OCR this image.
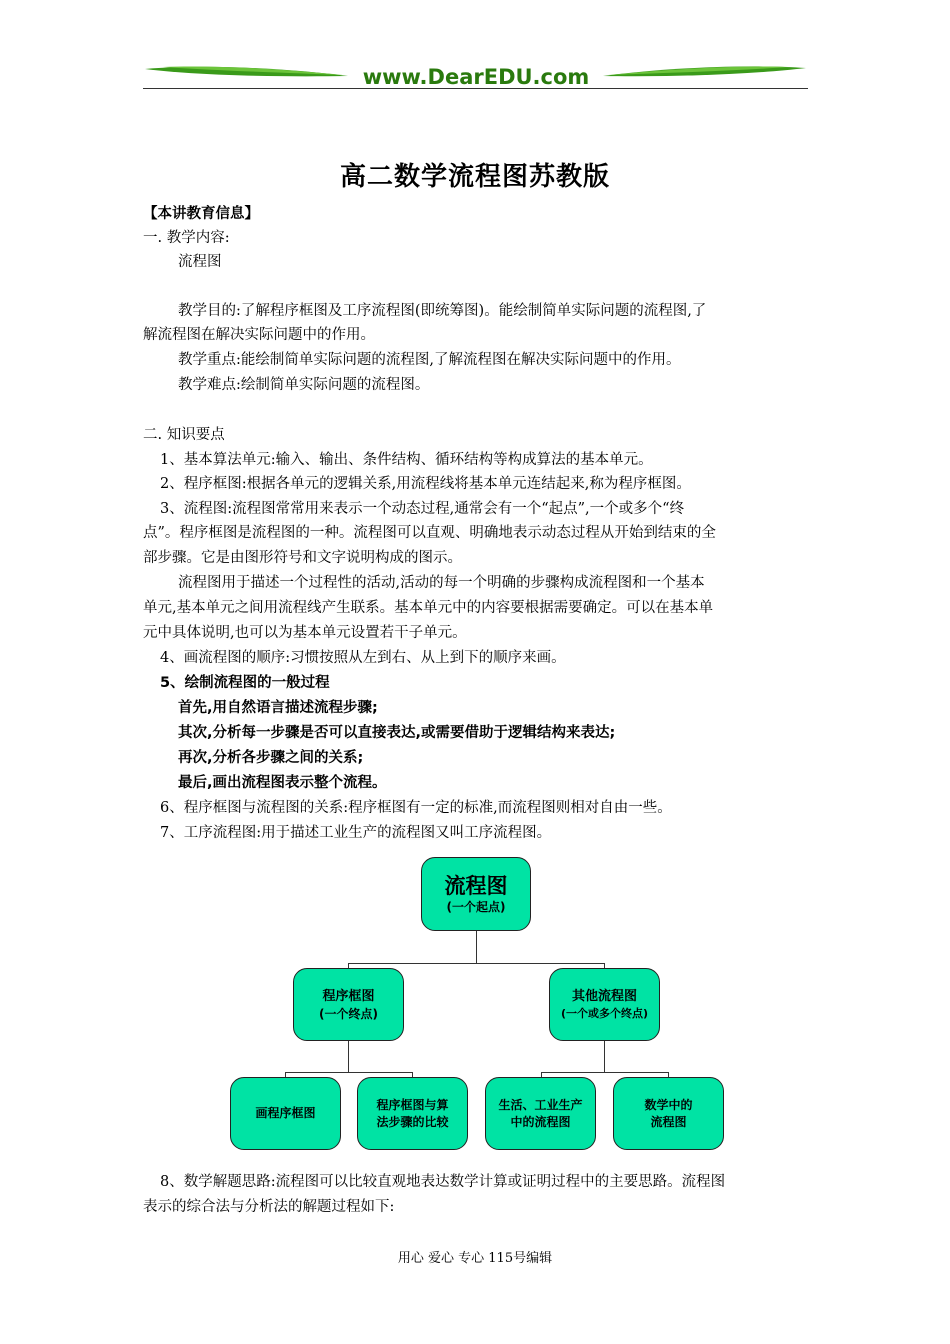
www.DearEDU.com
高二数学流程图苏教版
【本讲教育信息】
一. 教学内容:
流程图
教学目的:了解程序框图及工序流程图(即统筹图)。能绘制简单实际问题的流程图,了
解流程图在解决实际问题中的作用。
教学重点:能绘制简单实际问题的流程图,了解流程图在解决实际问题中的作用。
教学难点:绘制简单实际问题的流程图。
二. 知识要点
1、基本算法单元:输入、输出、条件结构、循环结构等构成算法的基本单元。
2、程序框图:根据各单元的逻辑关系,用流程线将基本单元连结起来,称为程序框图。
3、流程图:流程图常常用来表示一个动态过程,通常会有一个“起点”,一个或多个“终
点”。程序框图是流程图的一种。流程图可以直观、明确地表示动态过程从开始到结束的全
部步骤。它是由图形符号和文字说明构成的图示。
流程图用于描述一个过程性的活动,活动的每一个明确的步骤构成流程图和一个基本
单元,基本单元之间用流程线产生联系。基本单元中的内容要根据需要确定。可以在基本单
元中具体说明,也可以为基本单元设置若干子单元。
4、画流程图的顺序:习惯按照从左到右、从上到下的顺序来画。
5、绘制流程图的一般过程
首先,用自然语言描述流程步骤;
其次,分析每一步骤是否可以直接表达,或需要借助于逻辑结构来表达;
再次,分析各步骤之间的关系;
最后,画出流程图表示整个流程。
6、程序框图与流程图的关系:程序框图有一定的标准,而流程图则相对自由一些。
7、工序流程图:用于描述工业生产的流程图又叫工序流程图。
流程图
(一个起点)
程序框图
(一个终点)
其他流程图
(一个或多个终点)
画程序框图
程序框图与算
法步骤的比较
生活、工业生产
中的流程图
数学中的
流程图
8、数学解题思路:流程图可以比较直观地表达数学计算或证明过程中的主要思路。流程图
表示的综合法与分析法的解题过程如下:
用心 爱心 专心 115号编辑
